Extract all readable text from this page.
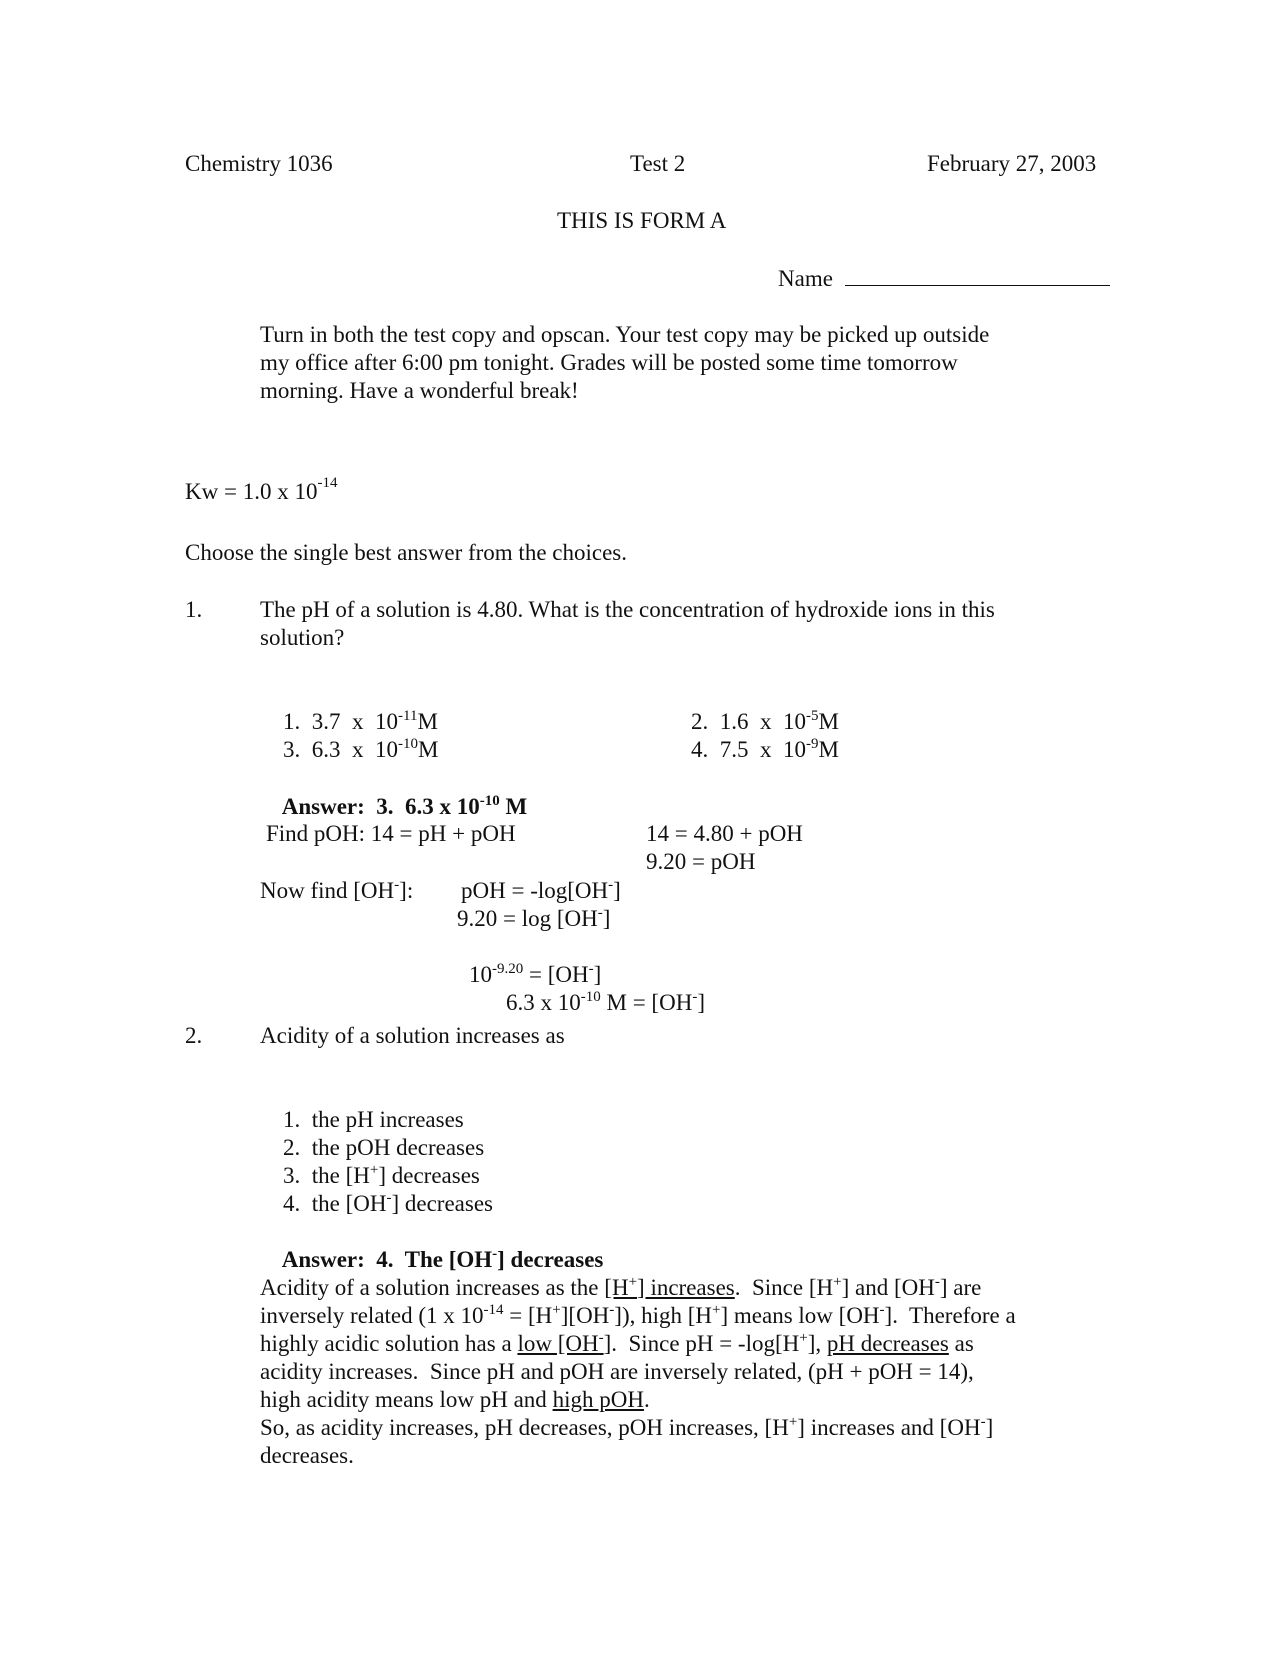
Chemistry 1036	Test 2	February 27, 2003
THIS IS FORM A
Name
Turn in both the test copy and opscan. Your test copy may be picked up outside
my office after 6:00 pm tonight. Grades will be posted some time tomorrow
morning. Have a wonderful break!
Kw = 1.0 x $10^{-14}$
Choose the single best answer from the choices.
1.	The pH of a solution is 4.80. What is the concentration of hydroxide ions in this
solution?

1. 3.7  x  $10^{-11}M$
	2. 1.6  x  $10^{-5}M$

3. 6.3  x  $10^{-10}M$
	4. 7.5  x  $10^{-9}M$

Answer:  3.  6.3 x $10^{-10}$ M

Find pOH: 14 = pH + pOH	14 = 4.80 + pOH
9.20 = pOH
Now find [OH-]: pOH = -log[OH-]
9.20 = log [OH-]

$10^{-9.20} = [OH^-]$

6.3 x $10^{-10}$ M = [OH-]

2.	Acidity of a solution increases as

1. the pH increases

2. the pOH decreases

3. the [H+] decreases

4. the [OH-] decreases

Answer:  4.  The [OH-] decreases

Acidity of a solution increases as the [H+] increases.  Since [H+] and [OH-] are
inversely related (1 x $10^{-14} = [H^+][OH^-]$), high [H+] means low [OH-].  Therefore a
highly acidic solution has a low [OH-].  Since pH = -log[H+], pH decreases as
acidity increases.  Since pH and pOH are inversely related, (pH + pOH = 14),
high acidity means low pH and high pOH.
So, as acidity increases, pH decreases, pOH increases, [H+] increases and [OH-]
decreases.
